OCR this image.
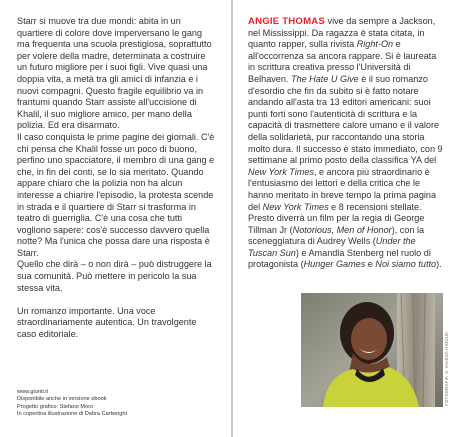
Starr si muove tra due mondi: abita in un quartiere di colore dove imperversano le gang ma frequenta una scuola prestigiosa, soprattutto per volere della madre, determinata a costruire un futuro migliore per i suoi figli. Vive quasi una doppia vita, a metà tra gli amici di infanzia e i nuovi compagni. Questo fragile equilibrio va in frantumi quando Starr assiste all'uccisione di Khalil, il suo migliore amico, per mano della polizia. Ed era disarmato.

Il caso conquista le prime pagine dei giornali. C'è chi pensa che Khalil fosse un poco di buono, perfino uno spacciatore, il membro di una gang e che, in fin dei conti, se lo sia meritato. Quando appare chiaro che la polizia non ha alcun interesse a chiarire l'episodio, la protesta scende in strada e il quartiere di Starr si trasforma in teatro di guerriglia. C'è una cosa che tutti vogliono sapere: cos'è successo davvero quella notte? Ma l'unica che possa dare una risposta è Starr.

Quello che dirà – o non dirà – può distruggere la sua comunità. Può mettere in pericolo la sua stessa vita.

Un romanzo importante. Una voce straordinariamente autentica. Un travolgente caso editoriale.

www.giunti.it

Disponibile anche in versione ebook

Progetto grafico: Stefano Moro

In copertina illustrazione di Debra Cartwright

ANGIE THOMAS vive da sempre a Jackson, nel Mississippi. Da ragazza è stata citata, in quanto rapper, sulla rivista Right-On e all'occorrenza sa ancora rappare. Si è laureata in scrittura creativa presso l'Università di Belhaven. The Hate U Give è il suo romanzo d'esordio che fin da subito si è fatto notare andando all'asta tra 13 editori americani: suoi punti forti sono l'autenticità di scrittura e la capacità di trasmettere calore umano e il valore della solidarietà, pur raccontando una storia molto dura. Il successo è stato immediato, con 9 settimane al primo posto della classifica YA del New York Times, e ancora più straordinario è l'entusiasmo dei lettori e della critica che le hanno meritato in breve tempo la prima pagina del New York Times e 8 recensioni stellate. Presto diverrà un film per la regia di George Tillman Jr (Notorious, Men of Honor), con la sceneggiatura di Audrey Wells (Under the Tuscan Sun) e Amandla Stenberg nel ruolo di protagonista (Hunger Games e Noi siamo tutto).

FOTOGRAFIA © ANISSA HIDOUK
